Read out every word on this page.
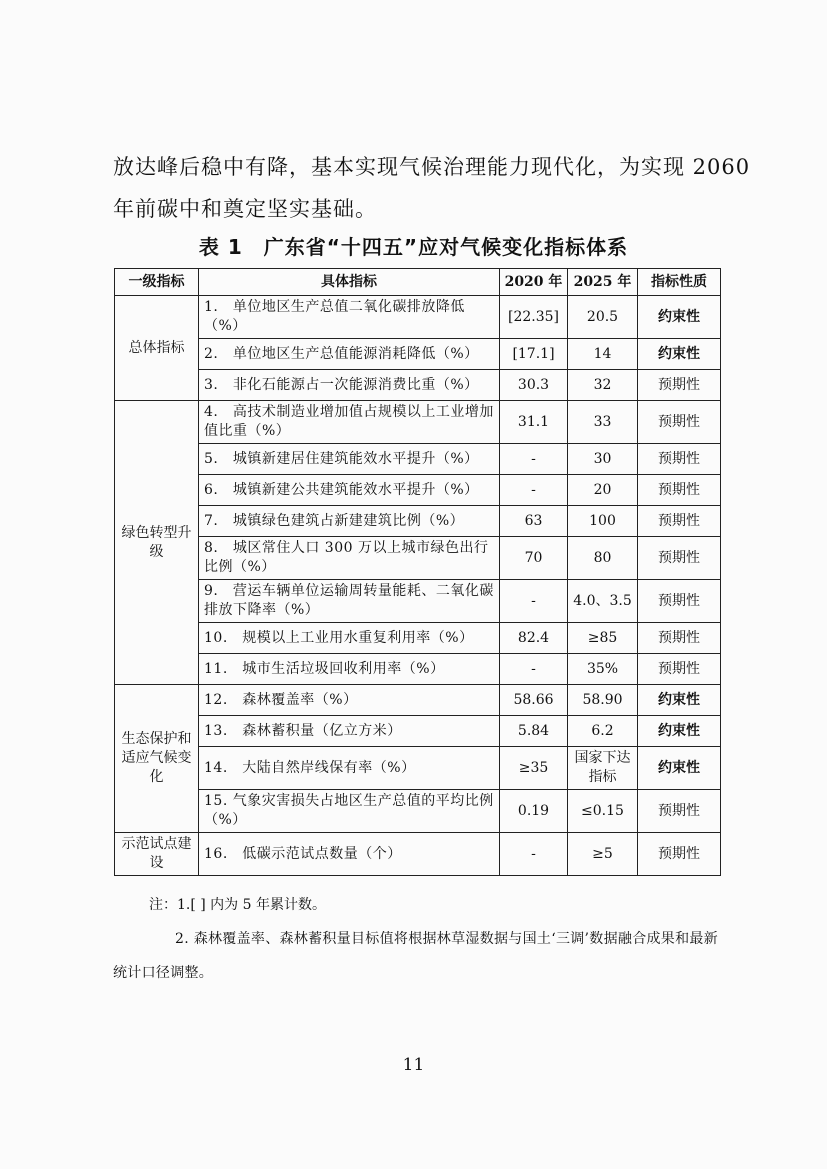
放达峰后稳中有降，基本实现气候治理能力现代化，为实现 2060
年前碳中和奠定坚实基础。

表 1　广东省“十四五”应对气候变化指标体系
一级指标	具体指标	2020 年	2025 年	指标性质
总体指标	1.　单位地区生产总值二氧化碳排放降低（%）	[22.35]	20.5	约束性
	2.　单位地区生产总值能源消耗降低（%）	[17.1]	14	约束性
	3.　非化石能源占一次能源消费比重（%）	30.3	32	预期性
绿色转型升级	4.　高技术制造业增加值占规模以上工业增加值比重（%）	31.1	33	预期性
	5.　城镇新建居住建筑能效水平提升（%）	-	30	预期性
	6.　城镇新建公共建筑能效水平提升（%）	-	20	预期性
	7.　城镇绿色建筑占新建建筑比例（%）	63	100	预期性
	8.　城区常住人口 300 万以上城市绿色出行比例（%）	70	80	预期性
	9.　营运车辆单位运输周转量能耗、二氧化碳排放下降率（%）	-	4.0、3.5	预期性
	10.　规模以上工业用水重复利用率（%）	82.4	≥85	预期性
	11.　城市生活垃圾回收利用率（%）	-	35%	预期性
生态保护和适应气候变化	12.　森林覆盖率（%）	58.66	58.90	约束性
	13.　森林蓄积量（亿立方米）	5.84	6.2	约束性
	14.　大陆自然岸线保有率（%）	≥35	国家下达指标	约束性
	15. 气象灾害损失占地区生产总值的平均比例（%）	0.19	≤0.15	预期性
示范试点建设	16.　低碳示范试点数量（个）	-	≥5	预期性
注：1.[ ] 内为 5 年累计数。
2. 森林覆盖率、森林蓄积量目标值将根据林草湿数据与国土‘三调’数据融合成果和最新统计口径调整。
11
